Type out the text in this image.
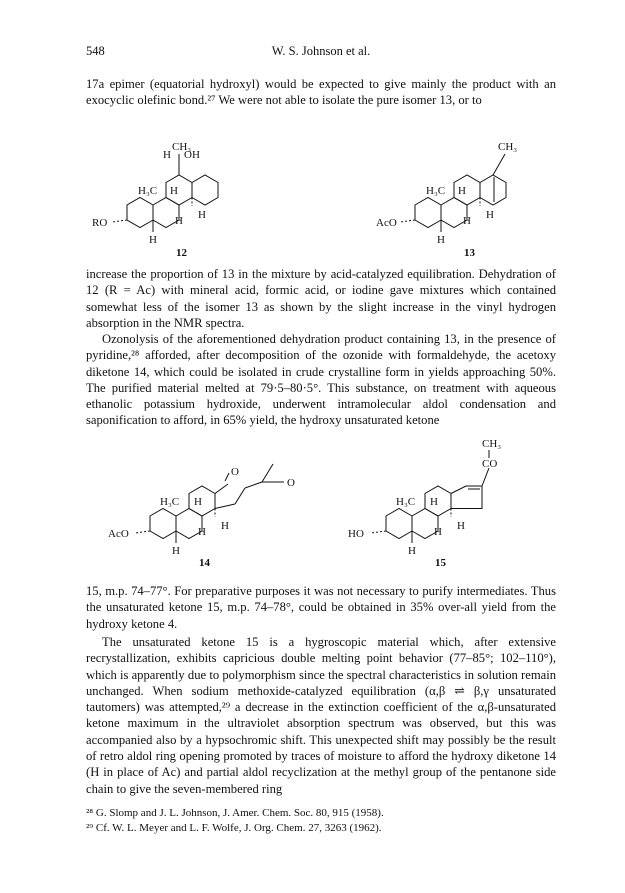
548	W. S. Johnson et al.

17a epimer (equatorial hydroxyl) would be expected to give mainly the product with an exocyclic olefinic bond.²⁷ We were not able to isolate the pure isomer 13, or to

CH₃
OH
H
H₃C H
H H
H
RO
12
CH₃
H₃C H
H H
H
AcO
13

increase the proportion of 13 in the mixture by acid-catalyzed equilibration. Dehydration of 12 (R = Ac) with mineral acid, formic acid, or iodine gave mixtures which contained somewhat less of the isomer 13 as shown by the slight increase in the vinyl hydrogen absorption in the NMR spectra.

Ozonolysis of the aforementioned dehydration product containing 13, in the presence of pyridine,²⁸ afforded, after decomposition of the ozonide with formaldehyde, the acetoxy diketone 14, which could be isolated in crude crystalline form in yields approaching 50%. The purified material melted at 79·5–80·5°. This substance, on treatment with aqueous ethanolic potassium hydroxide, underwent intramolecular aldol condensation and saponification to afford, in 65% yield, the hydroxy unsaturated ketone

O
O
H₃C H
H H
H
AcO
14
CH₃
CO
H₃C H
H H
H
HO
15

15, m.p. 74–77°. For preparative purposes it was not necessary to purify intermediates. Thus the unsaturated ketone 15, m.p. 74–78°, could be obtained in 35% over-all yield from the hydroxy ketone 4.

The unsaturated ketone 15 is a hygroscopic material which, after extensive recrystallization, exhibits capricious double melting point behavior (77–85°; 102–110°), which is apparently due to polymorphism since the spectral characteristics in solution remain unchanged. When sodium methoxide-catalyzed equilibration (α,β ⇌ β,γ unsaturated tautomers) was attempted,²⁹ a decrease in the extinction coefficient of the α,β-unsaturated ketone maximum in the ultraviolet absorption spectrum was observed, but this was accompanied also by a hypsochromic shift. This unexpected shift may possibly be the result of retro aldol ring opening promoted by traces of moisture to afford the hydroxy diketone 14 (H in place of Ac) and partial aldol recyclization at the methyl group of the pentanone side chain to give the seven-membered ring

²⁸ G. Slomp and J. L. Johnson, J. Amer. Chem. Soc. 80, 915 (1958).

²⁹ Cf. W. L. Meyer and L. F. Wolfe, J. Org. Chem. 27, 3263 (1962).
